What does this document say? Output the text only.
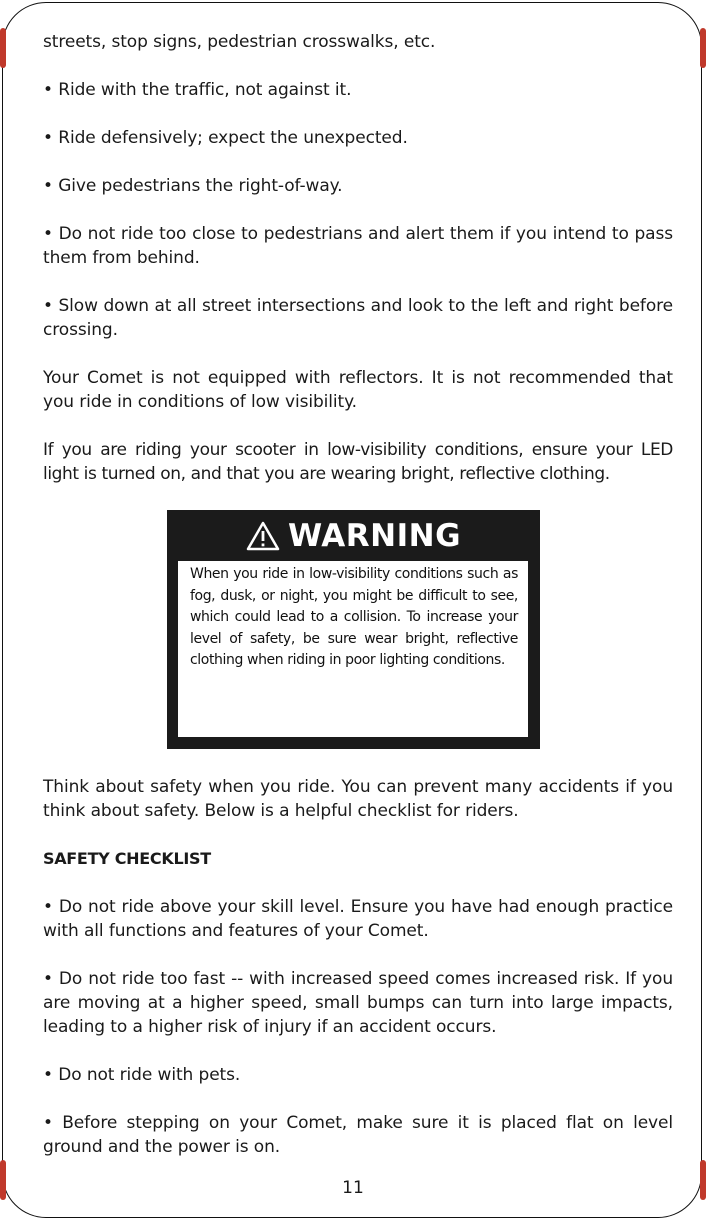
streets, stop signs, pedestrian crosswalks, etc.

• Ride with the traffic, not against it.

• Ride defensively; expect the unexpected.

• Give pedestrians the right-of-way.

• Do not ride too close to pedestrians and alert them if you intend to pass them from behind.

• Slow down at all street intersections and look to the left and right before crossing.

Your Comet is not equipped with reflectors. It is not recommended that you ride in conditions of low visibility.

If you are riding your scooter in low-visibility conditions, ensure your LED light is turned on, and that you are wearing bright, reflective clothing.

WARNING
When you ride in low-visibility conditions such as fog, dusk, or night, you might be difficult to see, which could lead to a collision. To increase your level of safety, be sure wear bright, reflective clothing when riding in poor lighting conditions.

Think about safety when you ride. You can prevent many accidents if you think about safety. Below is a helpful checklist for riders.

SAFETY CHECKLIST

• Do not ride above your skill level. Ensure you have had enough practice with all functions and features of your Comet.

• Do not ride too fast -- with increased speed comes increased risk. If you are moving at a higher speed, small bumps can turn into large impacts, leading to a higher risk of injury if an accident occurs.

• Do not ride with pets.

• Before stepping on your Comet, make sure it is placed flat on level ground and the power is on.

11
